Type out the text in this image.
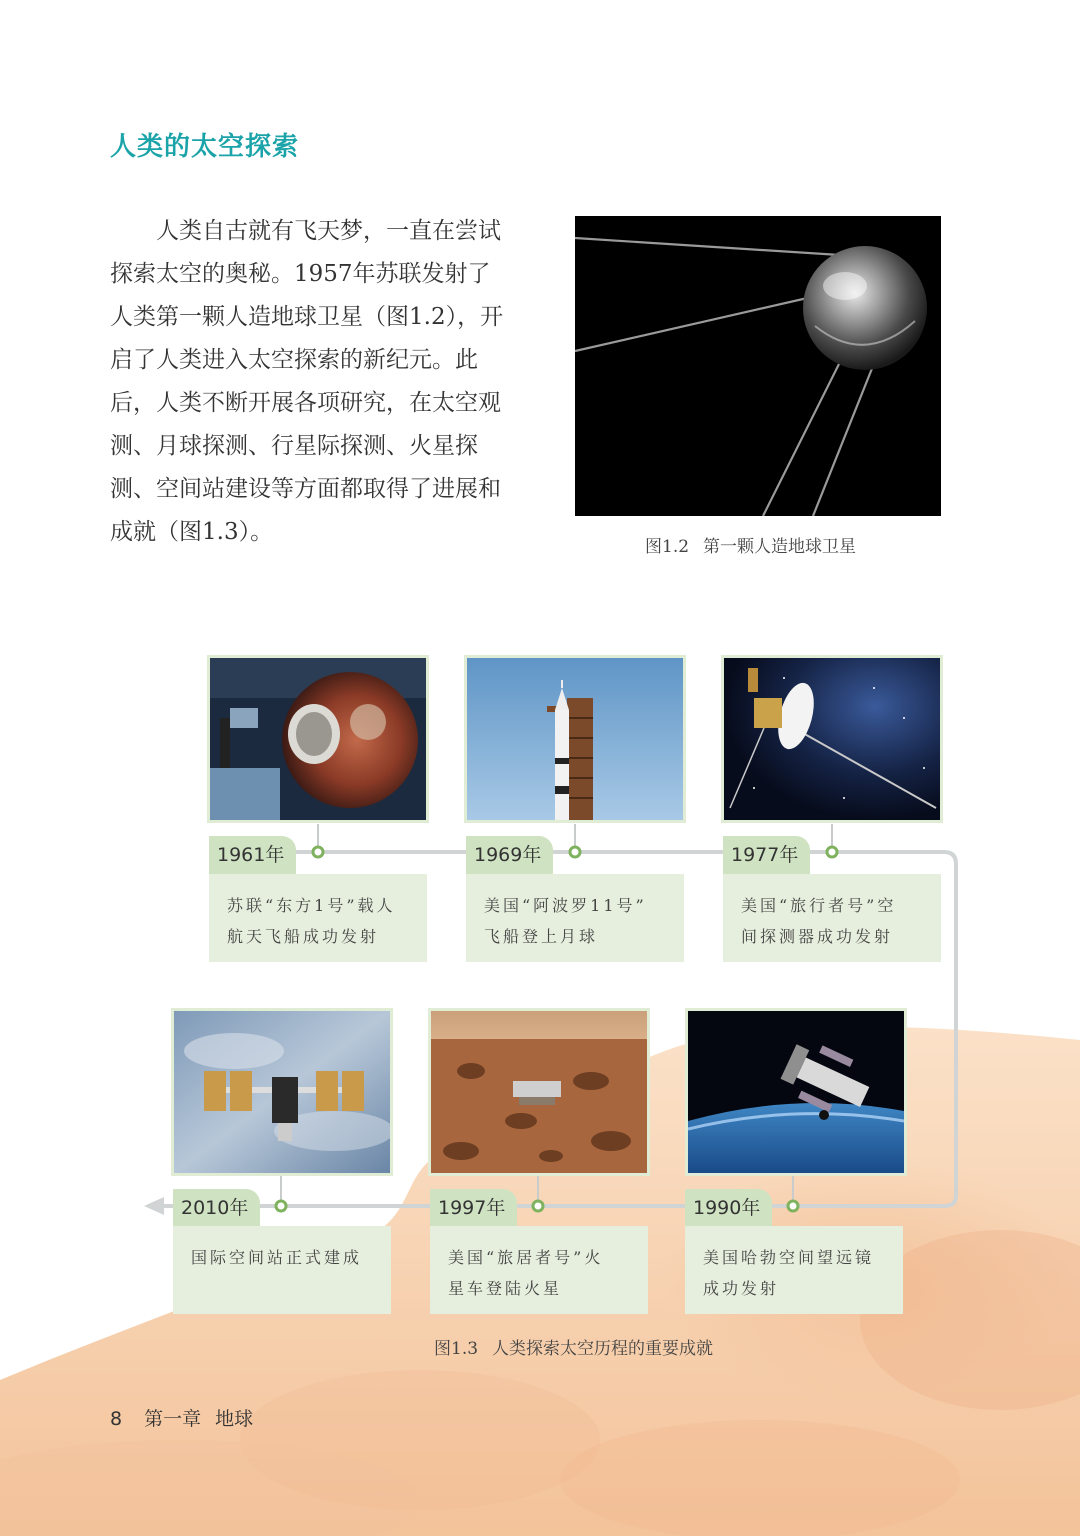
人类的太空探索
人类自古就有飞天梦，一直在尝试
探索太空的奥秘。1957年苏联发射了
人类第一颗人造地球卫星（图1.2），开
启了人类进入太空探索的新纪元。此
后，人类不断开展各项研究，在太空观
测、月球探测、行星际探测、火星探
测、空间站建设等方面都取得了进展和
成就（图1.3）。
图1.2 第一颗人造地球卫星
1961年	1969年	1977年
苏联“东方1号”载人
航天飞船成功发射
美国“阿波罗11号”
飞船登上月球
美国“旅行者号”空
间探测器成功发射
1990年
1997年
2010年
美国哈勃空间望远镜
成功发射
美国“旅居者号”火
星车登陆火星
国际空间站正式建成
图1.3 人类探索太空历程的重要成就
8 第一章 地球
